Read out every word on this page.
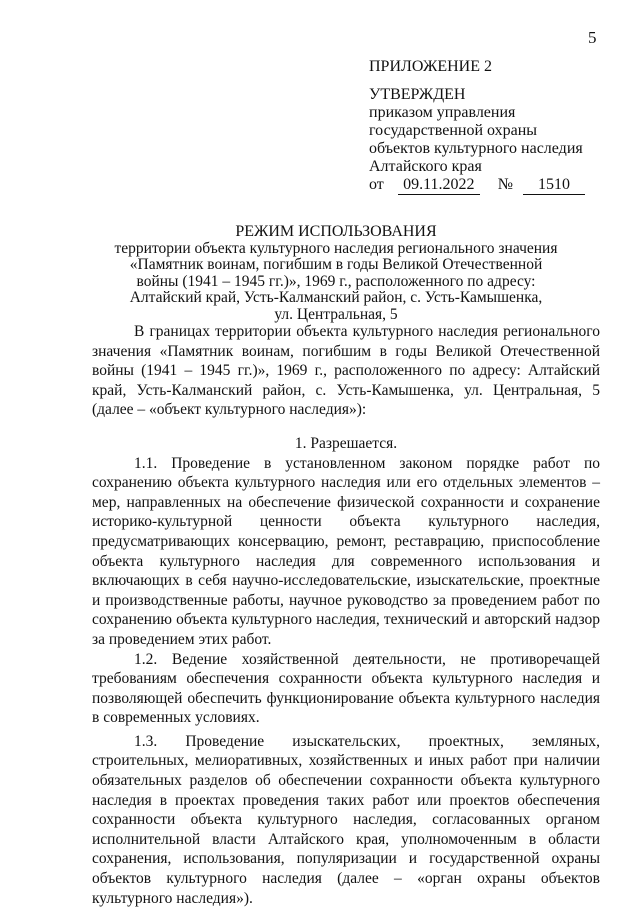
5
ПРИЛОЖЕНИЕ 2
УТВЕРЖДЕН
приказом управления
государственной охраны
объектов культурного наследия
Алтайского края
от 09.11.2022 № 1510
РЕЖИМ ИСПОЛЬЗОВАНИЯ
территории объекта культурного наследия регионального значения
«Памятник воинам, погибшим в годы Великой Отечественной
войны (1941 – 1945 гг.)», 1969 г., расположенного по адресу:
Алтайский край, Усть-Калманский район, с. Усть-Камышенка,
ул. Центральная, 5

В границах территории объекта культурного наследия регионального значения «Памятник воинам, погибшим в годы Великой Отечественной войны (1941 – 1945 гг.)», 1969 г., расположенного по адресу: Алтайский край, Усть-Калманский район, с. Усть-Камышенка, ул. Центральная, 5 (далее – «объект культурного наследия»):

1. Разрешается.

1.1. Проведение в установленном законом порядке работ по сохранению объекта культурного наследия или его отдельных элементов – мер, направленных на обеспечение физической сохранности и сохранение историко-культурной ценности объекта культурного наследия, предусматривающих консервацию, ремонт, реставрацию, приспособление объекта культурного наследия для современного использования и включающих в себя научно-исследовательские, изыскательские, проектные и производственные работы, научное руководство за проведением работ по сохранению объекта культурного наследия, технический и авторский надзор за проведением этих работ.

1.2. Ведение хозяйственной деятельности, не противоречащей требованиям обеспечения сохранности объекта культурного наследия и позволяющей обеспечить функционирование объекта культурного наследия в современных условиях.

1.3. Проведение изыскательских, проектных, земляных, строительных, мелиоративных, хозяйственных и иных работ при наличии обязательных разделов об обеспечении сохранности объекта культурного наследия в проектах проведения таких работ или проектов обеспечения сохранности объекта культурного наследия, согласованных органом исполнительной власти Алтайского края, уполномоченным в области сохранения, использования, популяризации и государственной охраны объектов культурного наследия (далее – «орган охраны объектов культурного наследия»).
